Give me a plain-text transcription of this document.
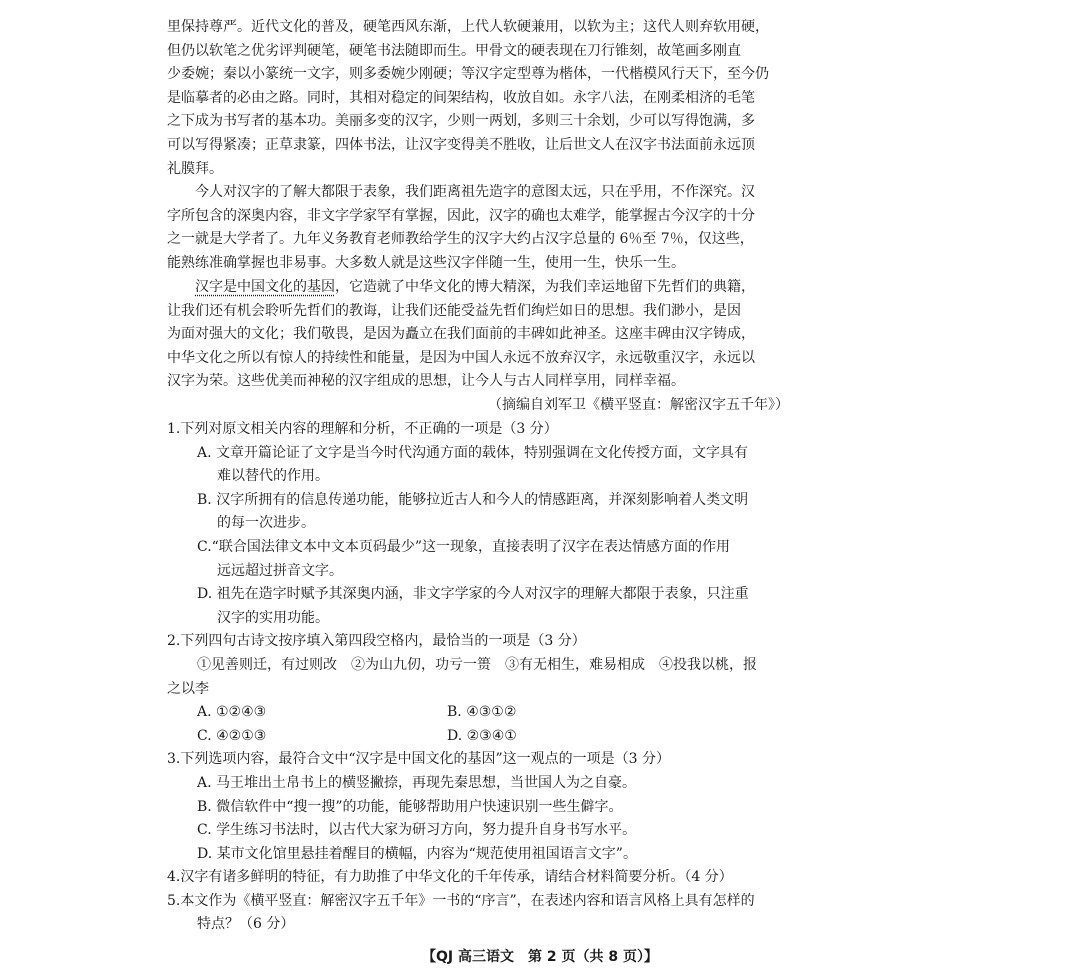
里保持尊严。近代文化的普及，硬笔西风东渐，上代人软硬兼用，以软为主；这代人则弃软用硬，
但仍以软笔之优劣评判硬笔，硬笔书法随即而生。甲骨文的硬表现在刀行锥刻，故笔画多刚直
少委婉；秦以小篆统一文字，则多委婉少刚硬；等汉字定型尊为楷体，一代楷模风行天下，至今仍
是临摹者的必由之路。同时，其相对稳定的间架结构，收放自如。永字八法，在刚柔相济的毛笔
之下成为书写者的基本功。美丽多变的汉字，少则一两划，多则三十余划，少可以写得饱满，多
可以写得紧凑；正草隶篆，四体书法，让汉字变得美不胜收，让后世文人在汉字书法面前永远顶
礼膜拜。
今人对汉字的了解大都限于表象，我们距离祖先造字的意图太远，只在乎用，不作深究。汉
字所包含的深奥内容，非文字学家罕有掌握，因此，汉字的确也太难学，能掌握古今汉字的十分
之一就是大学者了。九年义务教育老师教给学生的汉字大约占汉字总量的 6％至 7％，仅这些，
能熟练准确掌握也非易事。大多数人就是这些汉字伴随一生，使用一生，快乐一生。
汉字是中国文化的基因，它造就了中华文化的博大精深，为我们幸运地留下先哲们的典籍，
让我们还有机会聆听先哲们的教诲，让我们还能受益先哲们绚烂如日的思想。我们渺小，是因
为面对强大的文化；我们敬畏，是因为矗立在我们面前的丰碑如此神圣。这座丰碑由汉字铸成，
中华文化之所以有惊人的持续性和能量，是因为中国人永远不放弃汉字，永远敬重汉字，永远以
汉字为荣。这些优美而神秘的汉字组成的思想，让今人与古人同样享用，同样幸福。
（摘编自刘军卫《横平竖直：解密汉字五千年》）
1.下列对原文相关内容的理解和分析，不正确的一项是（3 分）
A. 文章开篇论证了文字是当今时代沟通方面的载体，特别强调在文化传授方面，文字具有
难以替代的作用。
B. 汉字所拥有的信息传递功能，能够拉近古人和今人的情感距离，并深刻影响着人类文明
的每一次进步。
C.“联合国法律文本中文本页码最少”这一现象，直接表明了汉字在表达情感方面的作用
远远超过拼音文字。
D. 祖先在造字时赋予其深奥内涵，非文字学家的今人对汉字的理解大都限于表象，只注重
汉字的实用功能。
2.下列四句古诗文按序填入第四段空格内，最恰当的一项是（3 分）
①见善则迁，有过则改　②为山九仞，功亏一篑　③有无相生，难易相成　④投我以桃，报
之以李
A. ①②④③	B. ④③①②
C. ④②①③	D. ②③④①
3.下列选项内容，最符合文中“汉字是中国文化的基因”这一观点的一项是（3 分）
A. 马王堆出土帛书上的横竖撇捺，再现先秦思想，当世国人为之自豪。
B. 微信软件中“搜一搜”的功能，能够帮助用户快速识别一些生僻字。
C. 学生练习书法时，以古代大家为研习方向，努力提升自身书写水平。
D. 某市文化馆里悬挂着醒目的横幅，内容为“规范使用祖国语言文字”。
4.汉字有诸多鲜明的特征，有力助推了中华文化的千年传承，请结合材料简要分析。（4 分）
5.本文作为《横平竖直：解密汉字五千年》一书的“序言”，在表述内容和语言风格上具有怎样的
特点？（6 分）
【QJ 高三语文　第 2 页（共 8 页）】
